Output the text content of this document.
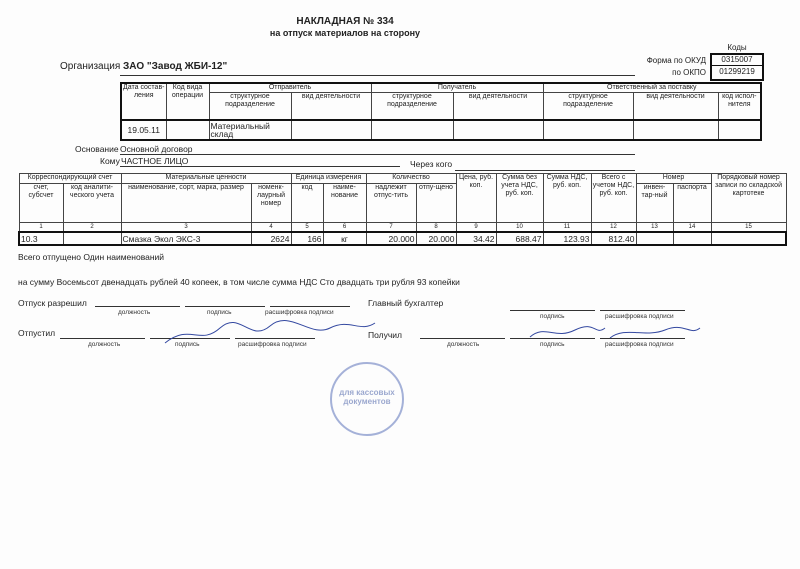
НАКЛАДНАЯ № 334
на отпуск материалов на сторону
Коды
0315007
01299219
Форма по ОКУД
по ОКПО
Организация ЗАО "Завод ЖБИ-12"
Дата состав-ления	Код вида операции	Отправитель		Получатель		Ответственный за поставку		
		структурное подразделение	вид деятельности	структурное подразделение	вид деятельности	структурное подразделение	вид деятельности	код испол-нителя
19.05.11		Материальный склад						
Основание Основной договор
Кому ЧАСТНОЕ ЛИЦО	Через кого
Корреспондирующий счет		Материальные ценности		Единица измерения		Количество		Цена, руб. коп.	Сумма без учета НДС, руб. коп.	Сумма НДС, руб. коп.	Всего с учетом НДС, руб. коп.	Номер		Порядковый номер записи по складской картотеке
счет, субсчет	код аналити-ческого учета	наименование, сорт, марка, размер	номенк-лаурный номер	код	наиме-нование	надлежит отпус-тить	отпу-щено					инвен-тар-ный	паспорта	
1	2	3	4	5	6	7	8	9	10	11	12	13	14	15
10.3		Смазка Экол ЭКС-3	2624	166	кг	20.000	20.000	34.42	688.47	123.93	812.40			
Всего отпущено Один наименований
на сумму Восемьсот двенадцать рублей 40 копеек, в том числе сумма НДС Сто двадцать три рубля 93 копейки
для кассовых документов
Отпуск разрешил
должность	подпись	расшифровка подписи
Главный бухгалтер
подпись	расшифровка подписи
Отпустил
должность	подпись	расшифровка подписи
Получил
должность	подпись	расшифровка подписи
